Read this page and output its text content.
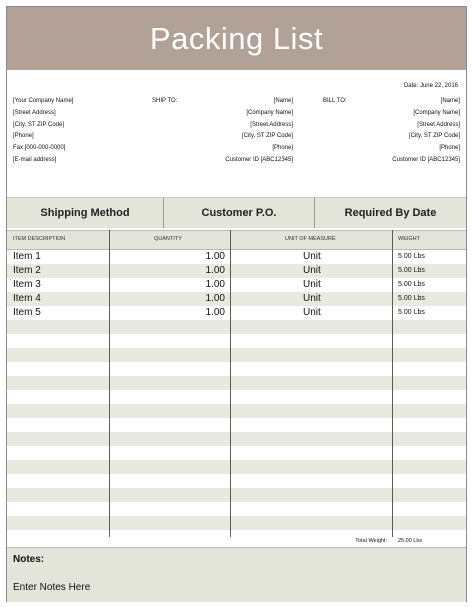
Packing List
Date: June 22, 2016
[Your Company Name]
[Street Address]
[City, ST ZIP Code]
[Phone]
Fax [000-000-0000]
[E-mail address]
SHIP TO:	[Name]
[Company Name]
[Street Address]
[City, ST ZIP Code]
[Phone]
Customer ID [ABC12345]
BILL TO:	[Name]
[Company Name]
[Street Address]
[City, ST ZIP Code]
[Phone]
Customer ID [ABC12345]
Shipping Method	Customer P.O.	Required By Date
ITEM DESCRIPTION	QUANTITY	UNIT OF MEASURE	WEIGHT
Item 1	1.00	Unit	5.00 Lbs
Item 2	1.00	Unit	5.00 Lbs
Item 3	1.00	Unit	5.00 Lbs
Item 4	1.00	Unit	5.00 Lbs
Item 5	1.00	Unit	5.00 Lbs
Total Weight: 25.00 Lbs
Notes:
Enter Notes Here
